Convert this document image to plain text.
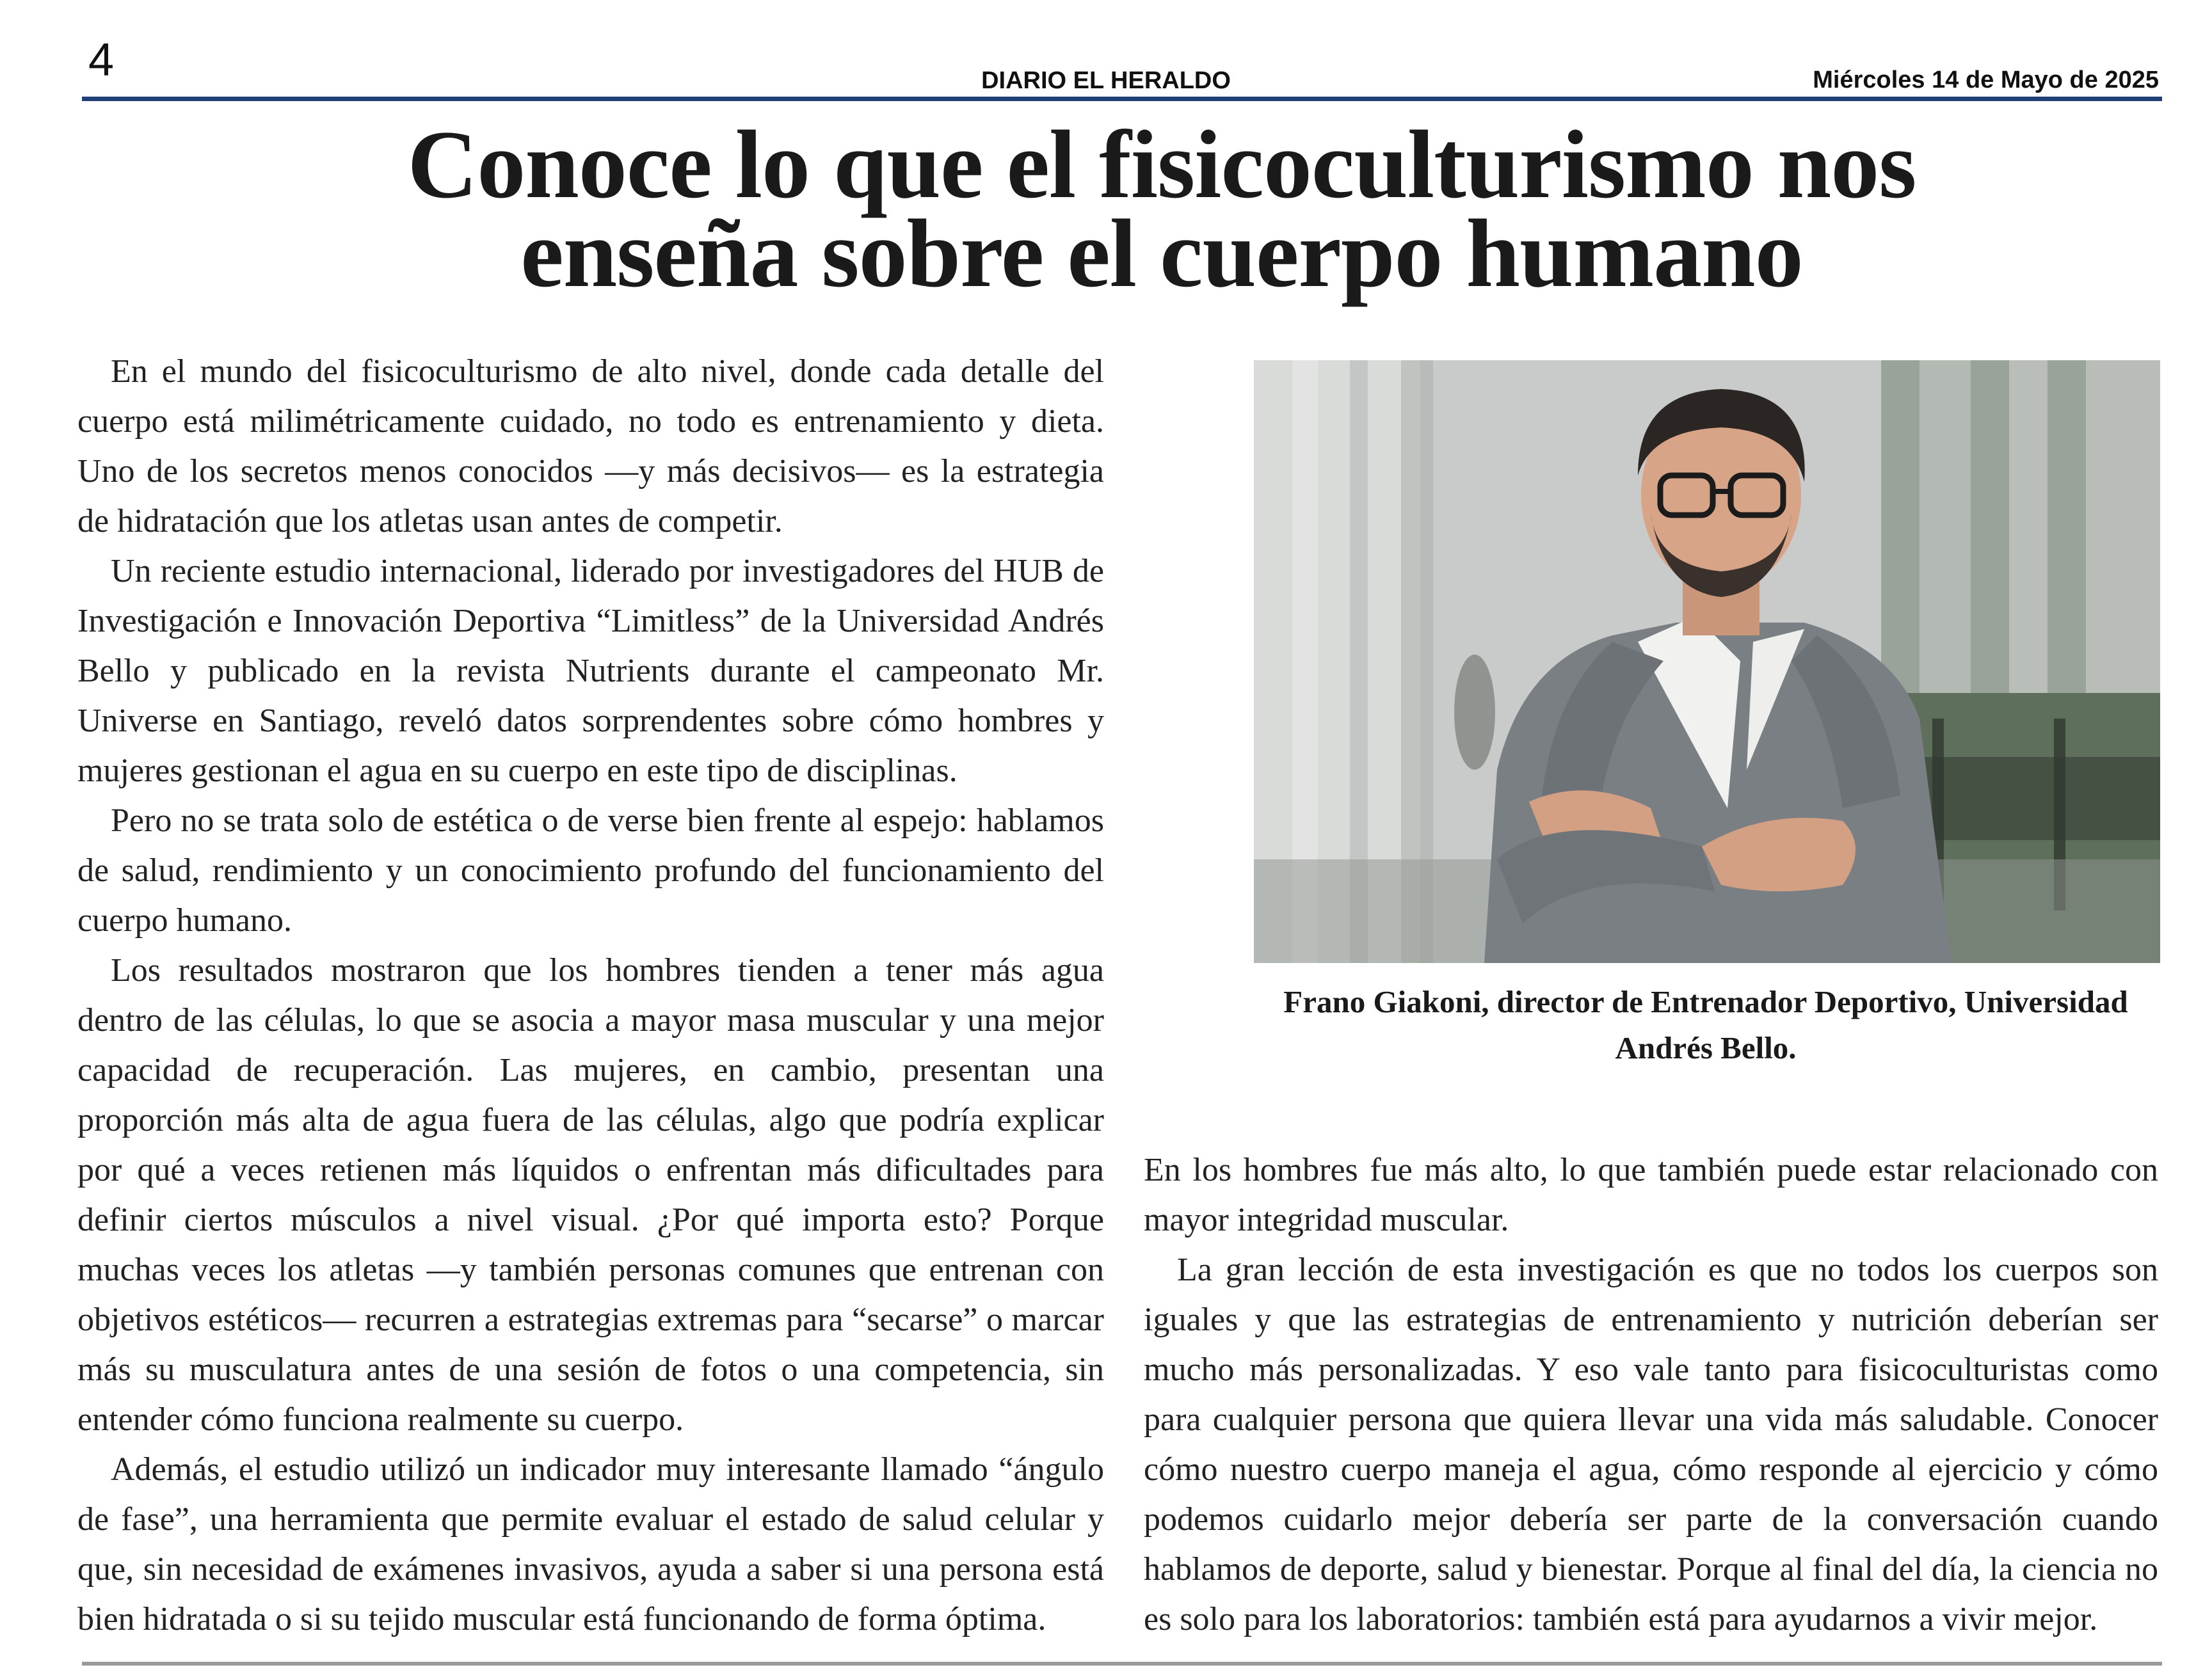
4	DIARIO EL HERALDO	Miércoles 14 de Mayo de 2025
Conoce lo que el fisicoculturismo nos
enseña sobre el cuerpo humano

En el mundo del fisicoculturismo de alto nivel, donde cada detalle del cuerpo está milimétricamente cuidado, no todo es entrenamiento y dieta. Uno de los secretos menos conocidos —y más decisivos— es la estrategia de hidratación que los atletas usan antes de competir.

Un reciente estudio internacional, liderado por investigadores del HUB de Investigación e Innovación Deportiva “Limitless” de la Universidad Andrés Bello y publicado en la revista Nutrients durante el campeonato Mr. Universe en Santiago, reveló datos sorprendentes sobre cómo hombres y mujeres gestionan el agua en su cuerpo en este tipo de disciplinas.

Pero no se trata solo de estética o de verse bien frente al espejo: hablamos de salud, rendimiento y un conocimiento profundo del funcionamiento del cuerpo humano.

Los resultados mostraron que los hombres tienden a tener más agua dentro de las células, lo que se asocia a mayor masa muscular y una mejor capacidad de recuperación. Las mujeres, en cambio, presentan una proporción más alta de agua fuera de las células, algo que podría explicar por qué a veces retienen más líquidos o enfrentan más dificultades para definir ciertos músculos a nivel visual. ¿Por qué importa esto? Porque muchas veces los atletas —y también personas comunes que entrenan con objetivos estéticos— recurren a estrategias extremas para “secarse” o marcar más su musculatura antes de una sesión de fotos o una competencia, sin entender cómo funciona realmente su cuerpo.

Además, el estudio utilizó un indicador muy interesante llamado “ángulo de fase”, una herramienta que permite evaluar el estado de salud celular y que, sin necesidad de exámenes invasivos, ayuda a saber si una persona está bien hidratada o si su tejido muscular está funcionando de forma óptima.

Frano Giakoni, director de Entrenador Deportivo, Universidad Andrés Bello.

En los hombres fue más alto, lo que también puede estar relacionado con mayor integridad muscular.

La gran lección de esta investigación es que no todos los cuerpos son iguales y que las estrategias de entrenamiento y nutrición deberían ser mucho más personalizadas. Y eso vale tanto para fisicoculturistas como para cualquier persona que quiera llevar una vida más saludable. Conocer cómo nuestro cuerpo maneja el agua, cómo responde al ejercicio y cómo podemos cuidarlo mejor debería ser parte de la conversación cuando hablamos de deporte, salud y bienestar. Porque al final del día, la ciencia no es solo para los laboratorios: también está para ayudarnos a vivir mejor.
